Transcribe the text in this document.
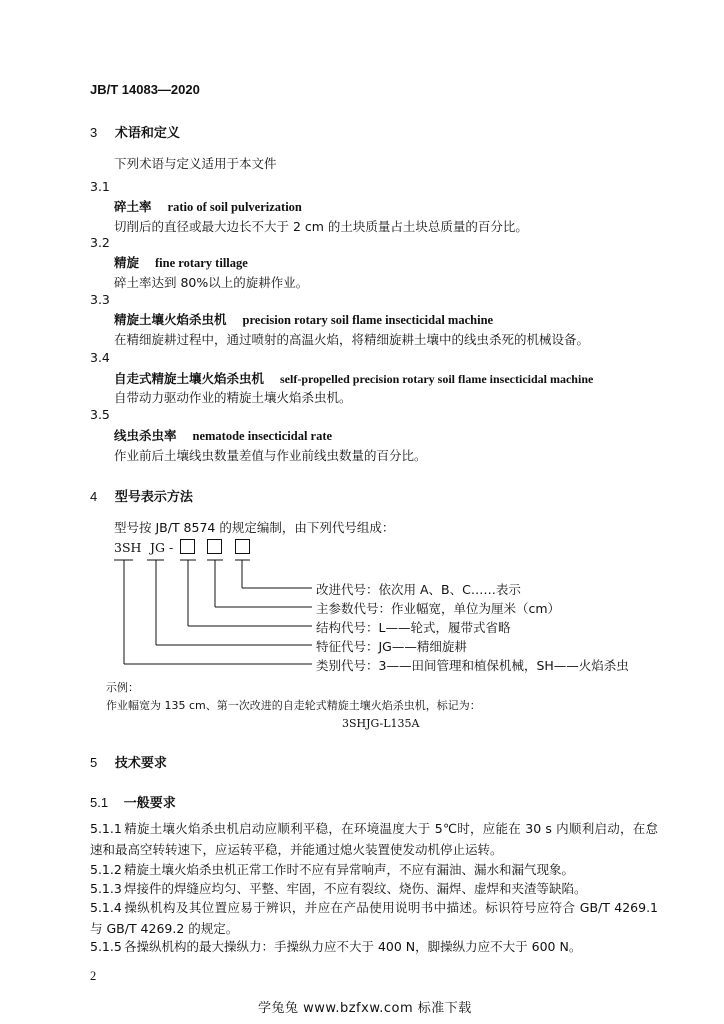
JB/T 14083—2020
3 术语和定义
下列术语与定义适用于本文件
3.1
碎土率 ratio of soil pulverization
切削后的直径或最大边长不大于 2 cm 的土块质量占土块总质量的百分比。
3.2
精旋 fine rotary tillage
碎土率达到 80%以上的旋耕作业。
3.3
精旋土壤火焰杀虫机 precision rotary soil flame insecticidal machine
在精细旋耕过程中，通过喷射的高温火焰，将精细旋耕土壤中的线虫杀死的机械设备。
3.4
自走式精旋土壤火焰杀虫机 self-propelled precision rotary soil flame insecticidal machine
自带动力驱动作业的精旋土壤火焰杀虫机。
3.5
线虫杀虫率 nematode insecticidal rate
作业前后土壤线虫数量差值与作业前线虫数量的百分比。
4 型号表示方法
型号按 JB/T 8574 的规定编制，由下列代号组成：
3SH JG -
改进代号：依次用 A、B、C……表示
主参数代号：作业幅宽，单位为厘米（cm）
结构代号：L——轮式，履带式省略
特征代号：JG——精细旋耕
类别代号：3——田间管理和植保机械，SH——火焰杀虫
示例：
作业幅宽为 135 cm、第一次改进的自走轮式精旋土壤火焰杀虫机，标记为：
3SHJG-L135A
5 技术要求
5.1 一般要求
5.1.1 精旋土壤火焰杀虫机启动应顺利平稳，在环境温度大于 5℃时，应能在 30 s 内顺利启动，在怠速和最高空转转速下，应运转平稳，并能通过熄火装置使发动机停止运转。
5.1.2 精旋土壤火焰杀虫机正常工作时不应有异常响声，不应有漏油、漏水和漏气现象。
5.1.3 焊接件的焊缝应均匀、平整、牢固，不应有裂纹、烧伤、漏焊、虚焊和夹渣等缺陷。
5.1.4 操纵机构及其位置应易于辨识，并应在产品使用说明书中描述。标识符号应符合 GB/T 4269.1 与 GB/T 4269.2 的规定。
5.1.5 各操纵机构的最大操纵力：手操纵力应不大于 400 N，脚操纵力应不大于 600 N。
2
学兔兔 www.bzfxw.com 标准下载
